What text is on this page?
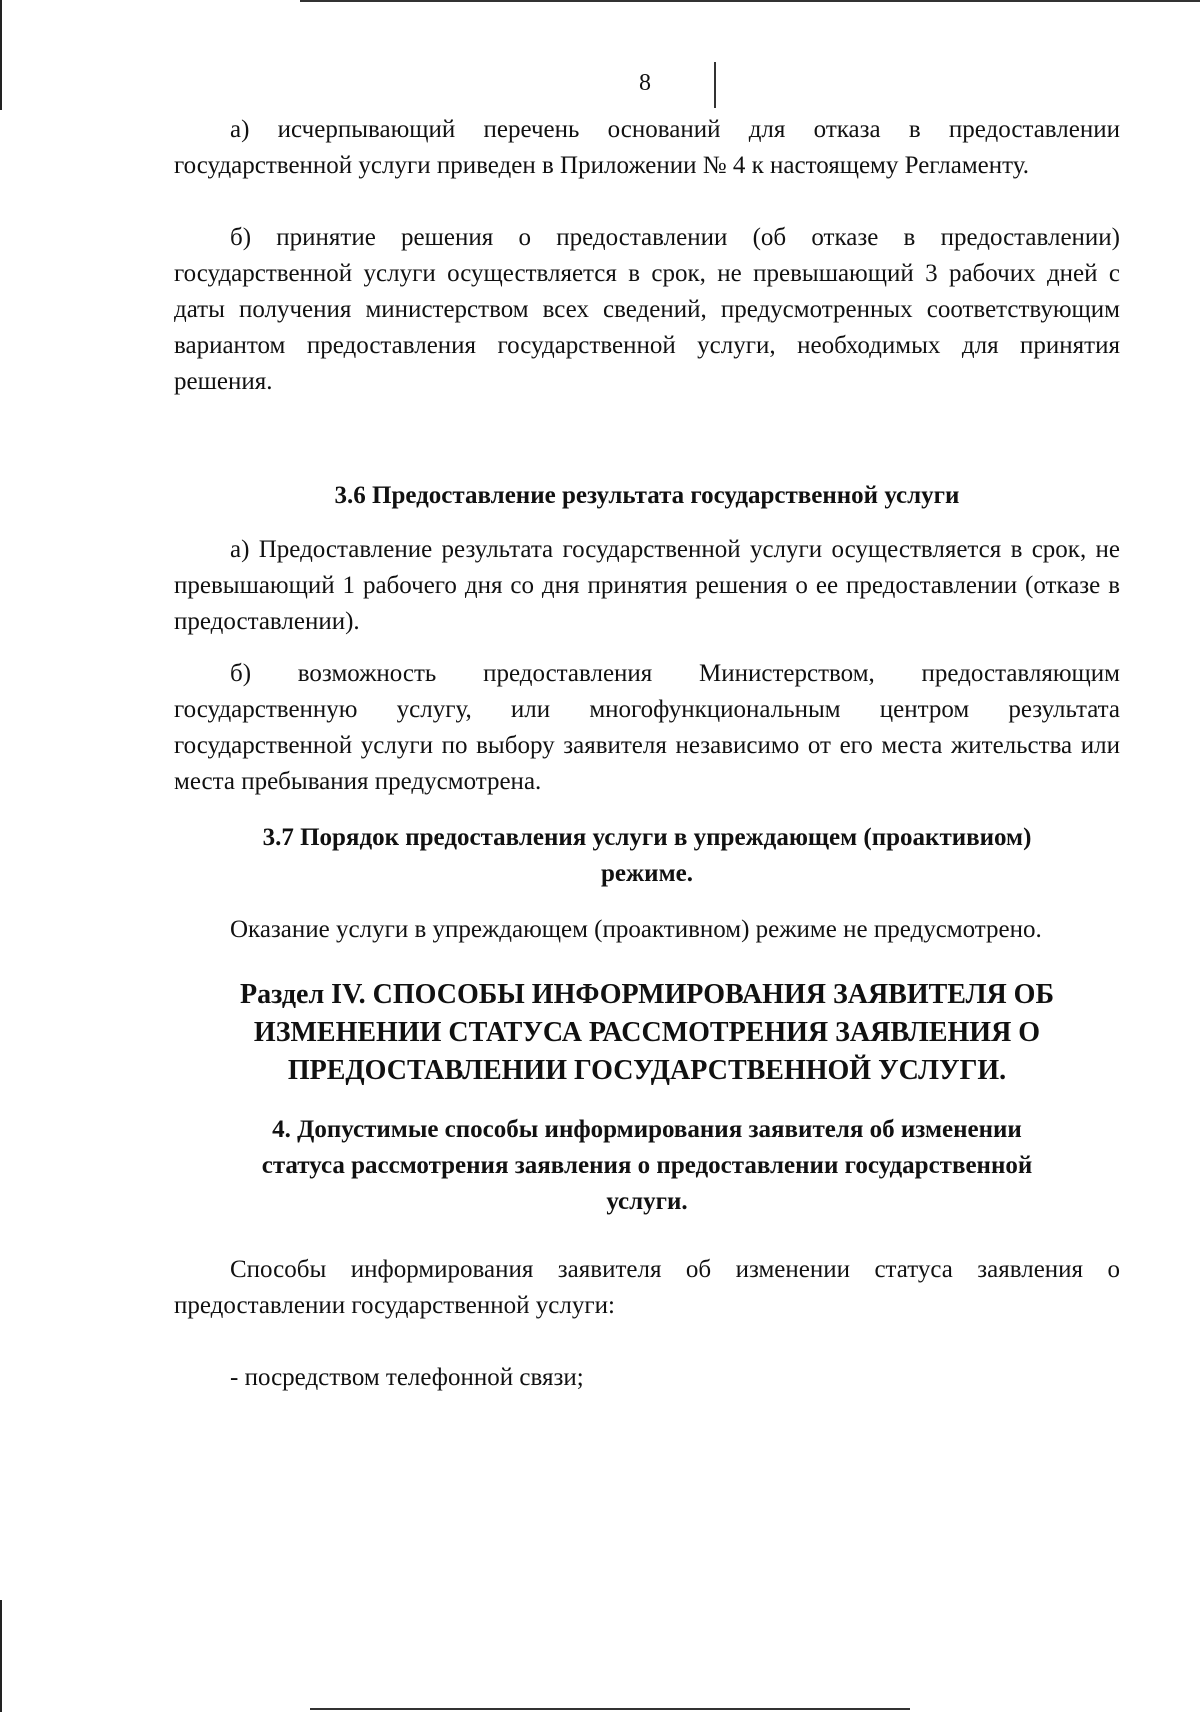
8

а) исчерпывающий перечень оснований для отказа в предоставлении государственной услуги приведен в Приложении № 4 к настоящему Регламенту.

б) принятие решения о предоставлении (об отказе в предоставлении) государственной услуги осуществляется в срок, не превышающий 3 рабочих дней с даты получения министерством всех сведений, предусмотренных соответствующим вариантом предоставления государственной услуги, необходимых для принятия решения.

3.6 Предоставление результата государственной услуги

а) Предоставление результата государственной услуги осуществляется в срок, не превышающий 1 рабочего дня со дня принятия решения о ее предоставлении (отказе в предоставлении).

б) возможность предоставления Министерством, предоставляющим государственную услугу, или многофункциональным центром результата государственной услуги по выбору заявителя независимо от его места жительства или места пребывания предусмотрена.

3.7 Порядок предоставления услуги в упреждающем (проактивиом)

режиме.

Оказание услуги в упреждающем (проактивном) режиме не предусмотрено.

Раздел IV. СПОСОБЫ ИНФОРМИРОВАНИЯ ЗАЯВИТЕЛЯ ОБ

ИЗМЕНЕНИИ СТАТУСА РАССМОТРЕНИЯ ЗАЯВЛЕНИЯ О

ПРЕДОСТАВЛЕНИИ ГОСУДАРСТВЕННОЙ УСЛУГИ.

4. Допустимые способы информирования заявителя об изменении

статуса рассмотрения заявления о предоставлении государственной

услуги.

Способы информирования заявителя об изменении статуса заявления о предоставлении государственной услуги:

- посредством телефонной связи;
